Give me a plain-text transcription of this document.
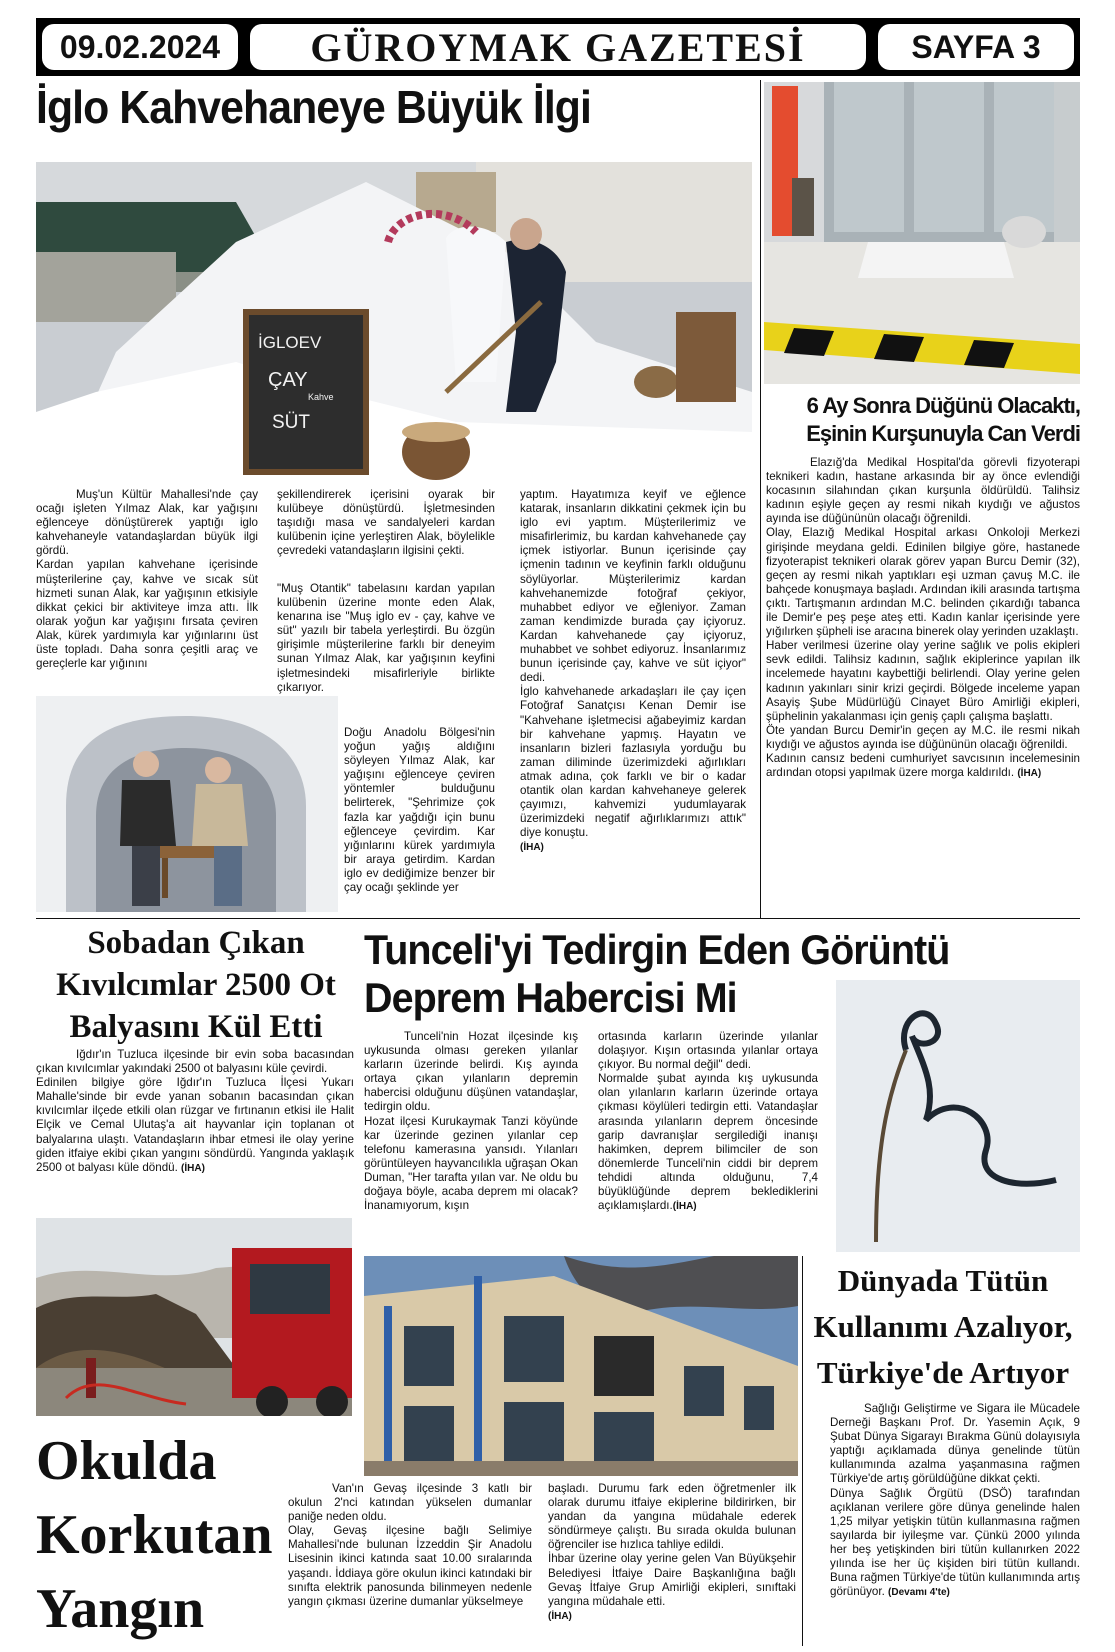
09.02.2024	GÜROYMAK GAZETESİ	SAYFA 3
İglo Kahvehaneye Büyük İlgi
İGLOEV
ÇAY
Kahve
SÜT

Muş'un Kültür Mahallesi'nde çay ocağı işleten Yılmaz Alak, kar yağışını eğlenceye dönüştürerek yaptığı iglo kahvehaneyle vatandaşlardan büyük ilgi gördü.

Kardan yapılan kahvehane içerisinde müşterilerine çay, kahve ve sıcak süt hizmeti sunan Alak, kar yağışının etkisiyle dikkat çekici bir aktiviteye imza attı. İlk olarak yoğun kar yağışını fırsata çeviren Alak, kürek yardımıyla kar yığınlarını üst üste topladı. Daha sonra çeşitli araç ve gereçlerle kar yığınını

şekillendirerek içerisini oyarak bir kulübeye dönüştürdü. İşletmesinden taşıdığı masa ve sandalyeleri kardan kulübenin içine yerleştiren Alak, böylelikle çevredeki vatandaşların ilgisini çekti.

"Muş Otantik" tabelasını kardan yapılan kulübenin üzerine monte eden Alak, kenarına ise "Muş iglo ev - çay, kahve ve süt" yazılı bir tabela yerleştirdi. Bu özgün girişimle müşterilerine farklı bir deneyim sunan Yılmaz Alak, kar yağışının keyfini işletmesindeki misafirleriyle birlikte çıkarıyor.

Doğu Anadolu Bölgesi'nin yoğun yağış aldığını söyleyen Yılmaz Alak, kar yağışını eğlenceye çeviren yöntemler bulduğunu belirterek, "Şehrimize çok fazla kar yağdığı için bunu eğlenceye çevirdim. Kar yığınlarını kürek yardımıyla bir araya getirdim. Kardan iglo ev dediğimize benzer bir çay ocağı şeklinde yer

yaptım. Hayatımıza keyif ve eğlence katarak, insanların dikkatini çekmek için bu iglo evi yaptım. Müşterilerimiz ve misafirlerimiz, bu kardan kahvehanede çay içmek istiyorlar. Bunun içerisinde çay içmenin tadının ve keyfinin farklı olduğunu söylüyorlar. Müşterilerimiz kardan kahvehanemizde fotoğraf çekiyor, muhabbet ediyor ve eğleniyor. Zaman zaman kendimizde burada çay içiyoruz. Kardan kahvehanede çay içiyoruz, muhabbet ve sohbet ediyoruz. İnsanlarımız bunun içerisinde çay, kahve ve süt içiyor" dedi.

İglo kahvehanede arkadaşları ile çay içen Fotoğraf Sanatçısı Kenan Demir ise "Kahvehane işletmecisi ağabeyimiz kardan bir kahvehane yapmış. Hayatın ve insanların bizleri fazlasıyla yorduğu bu zaman diliminde üzerimizdeki ağırlıkları atmak adına, çok farklı ve bir o kadar otantik olan kardan kahvehaneye gelerek çayımızı, kahvemizi yudumlayarak üzerimizdeki negatif ağırlıklarımızı attık" diye konuştu.

(İHA)
6 Ay Sonra Düğünü Olacaktı,
Eşinin Kurşunuyla Can Verdi

Elazığ'da Medikal Hospital'da görevli fizyoterapi teknikeri kadın, hastane arkasında bir ay önce evlendiği kocasının silahından çıkan kurşunla öldürüldü. Talihsiz kadının eşiyle geçen ay resmi nikah kıydığı ve ağustos ayında ise düğününün olacağı öğrenildi.

Olay, Elazığ Medikal Hospital arkası Onkoloji Merkezi girişinde meydana geldi. Edinilen bilgiye göre, hastanede fizyoterapist teknikeri olarak görev yapan Burcu Demir (32), geçen ay resmi nikah yaptıkları eşi uzman çavuş M.C. ile bahçede konuşmaya başladı. Ardından ikili arasında tartışma çıktı. Tartışmanın ardından M.C. belinden çıkardığı tabanca ile Demir'e peş peşe ateş etti. Kadın kanlar içerisinde yere yığılırken şüpheli ise aracına binerek olay yerinden uzaklaştı.

Haber verilmesi üzerine olay yerine sağlık ve polis ekipleri sevk edildi. Talihsiz kadının, sağlık ekiplerince yapılan ilk incelemede hayatını kaybettiği belirlendi. Olay yerine gelen kadının yakınları sinir krizi geçirdi. Bölgede inceleme yapan Asayiş Şube Müdürlüğü Cinayet Büro Amirliği ekipleri, şüphelinin yakalanması için geniş çaplı çalışma başlattı.

Öte yandan Burcu Demir'in geçen ay M.C. ile resmi nikah kıydığı ve ağustos ayında ise düğününün olacağı öğrenildi.

Kadının cansız bedeni cumhuriyet savcısının incelemesinin ardından otopsi yapılmak üzere morga kaldırıldı. (İHA)

Sobadan Çıkan
Kıvılcımlar 2500 Ot
Balyasını Kül Etti

Iğdır'ın Tuzluca ilçesinde bir evin soba bacasından çıkan kıvılcımlar yakındaki 2500 ot balyasını küle çevirdi.

Edinilen bilgiye göre Iğdır'ın Tuzluca İlçesi Yukarı Mahalle'sinde bir evde yanan sobanın bacasından çıkan kıvılcımlar ilçede etkili olan rüzgar ve fırtınanın etkisi ile Halit Elçik ve Cemal Ulutaş'a ait hayvanlar için toplanan ot balyalarına ulaştı. Vatandaşların ihbar etmesi ile olay yerine giden itfaiye ekibi çıkan yangını söndürdü. Yangında yaklaşık 2500 ot balyası küle döndü. (İHA)

Tunceli'yi Tedirgin Eden Görüntü
Deprem Habercisi Mi

Tunceli'nin Hozat ilçesinde kış uykusunda olması gereken yılanlar karların üzerinde belirdi. Kış ayında ortaya çıkan yılanların depremin habercisi olduğunu düşünen vatandaşlar, tedirgin oldu.

Hozat ilçesi Kurukaymak Tanzi köyünde kar üzerinde gezinen yılanlar cep telefonu kamerasına yansıdı. Yılanları görüntüleyen hayvancılıkla uğraşan Okan Duman, "Her tarafta yılan var. Ne oldu bu doğaya böyle, acaba deprem mi olacak? İnanamıyorum, kışın

ortasında karların üzerinde yılanlar dolaşıyor. Kışın ortasında yılanlar ortaya çıkıyor. Bu normal değil" dedi.

Normalde şubat ayında kış uykusunda olan yılanların karların üzerinde ortaya çıkması köylüleri tedirgin etti. Vatandaşlar arasında yılanların deprem öncesinde garip davranışlar sergilediği inanışı hakimken, deprem bilimciler de son dönemlerde Tunceli'nin ciddi bir deprem tehdidi altında olduğunu, 7,4 büyüklüğünde deprem beklediklerini açıklamışlardı.(İHA)

Okulda
Korkutan
Yangın

Van'ın Gevaş ilçesinde 3 katlı bir okulun 2'nci katından yükselen dumanlar paniğe neden oldu.

Olay, Gevaş ilçesine bağlı Selimiye Mahallesi'nde bulunan İzzeddin Şir Anadolu Lisesinin ikinci katında saat 10.00 sıralarında yaşandı. İddiaya göre okulun ikinci katındaki bir sınıfta elektrik panosunda bilinmeyen nedenle yangın çıkması üzerine dumanlar yükselmeye

başladı. Durumu fark eden öğretmenler ilk olarak durumu itfaiye ekiplerine bildirirken, bir yandan da yangına müdahale ederek söndürmeye çalıştı. Bu sırada okulda bulunan öğrenciler ise hızlıca tahliye edildi.

İhbar üzerine olay yerine gelen Van Büyükşehir Belediyesi İtfaiye Daire Başkanlığına bağlı Gevaş İtfaiye Grup Amirliği ekipleri, sınıftaki yangına müdahale etti.

(İHA)
Dünyada Tütün
Kullanımı Azalıyor,
Türkiye'de Artıyor

Sağlığı Geliştirme ve Sigara ile Mücadele Derneği Başkanı Prof. Dr. Yasemin Açık, 9 Şubat Dünya Sigarayı Bırakma Günü dolayısıyla yaptığı açıklamada dünya genelinde tütün kullanımında azalma yaşanmasına rağmen Türkiye'de artış görüldüğüne dikkat çekti.

Dünya Sağlık Örgütü (DSÖ) tarafından açıklanan verilere göre dünya genelinde halen 1,25 milyar yetişkin tütün kullanmasına rağmen sayılarda bir iyileşme var. Çünkü 2000 yılında her beş yetişkinden biri tütün kullanırken 2022 yılında ise her üç kişiden biri tütün kullandı. Buna rağmen Türkiye'de tütün kullanımında artış görünüyor. (Devamı 4'te)
